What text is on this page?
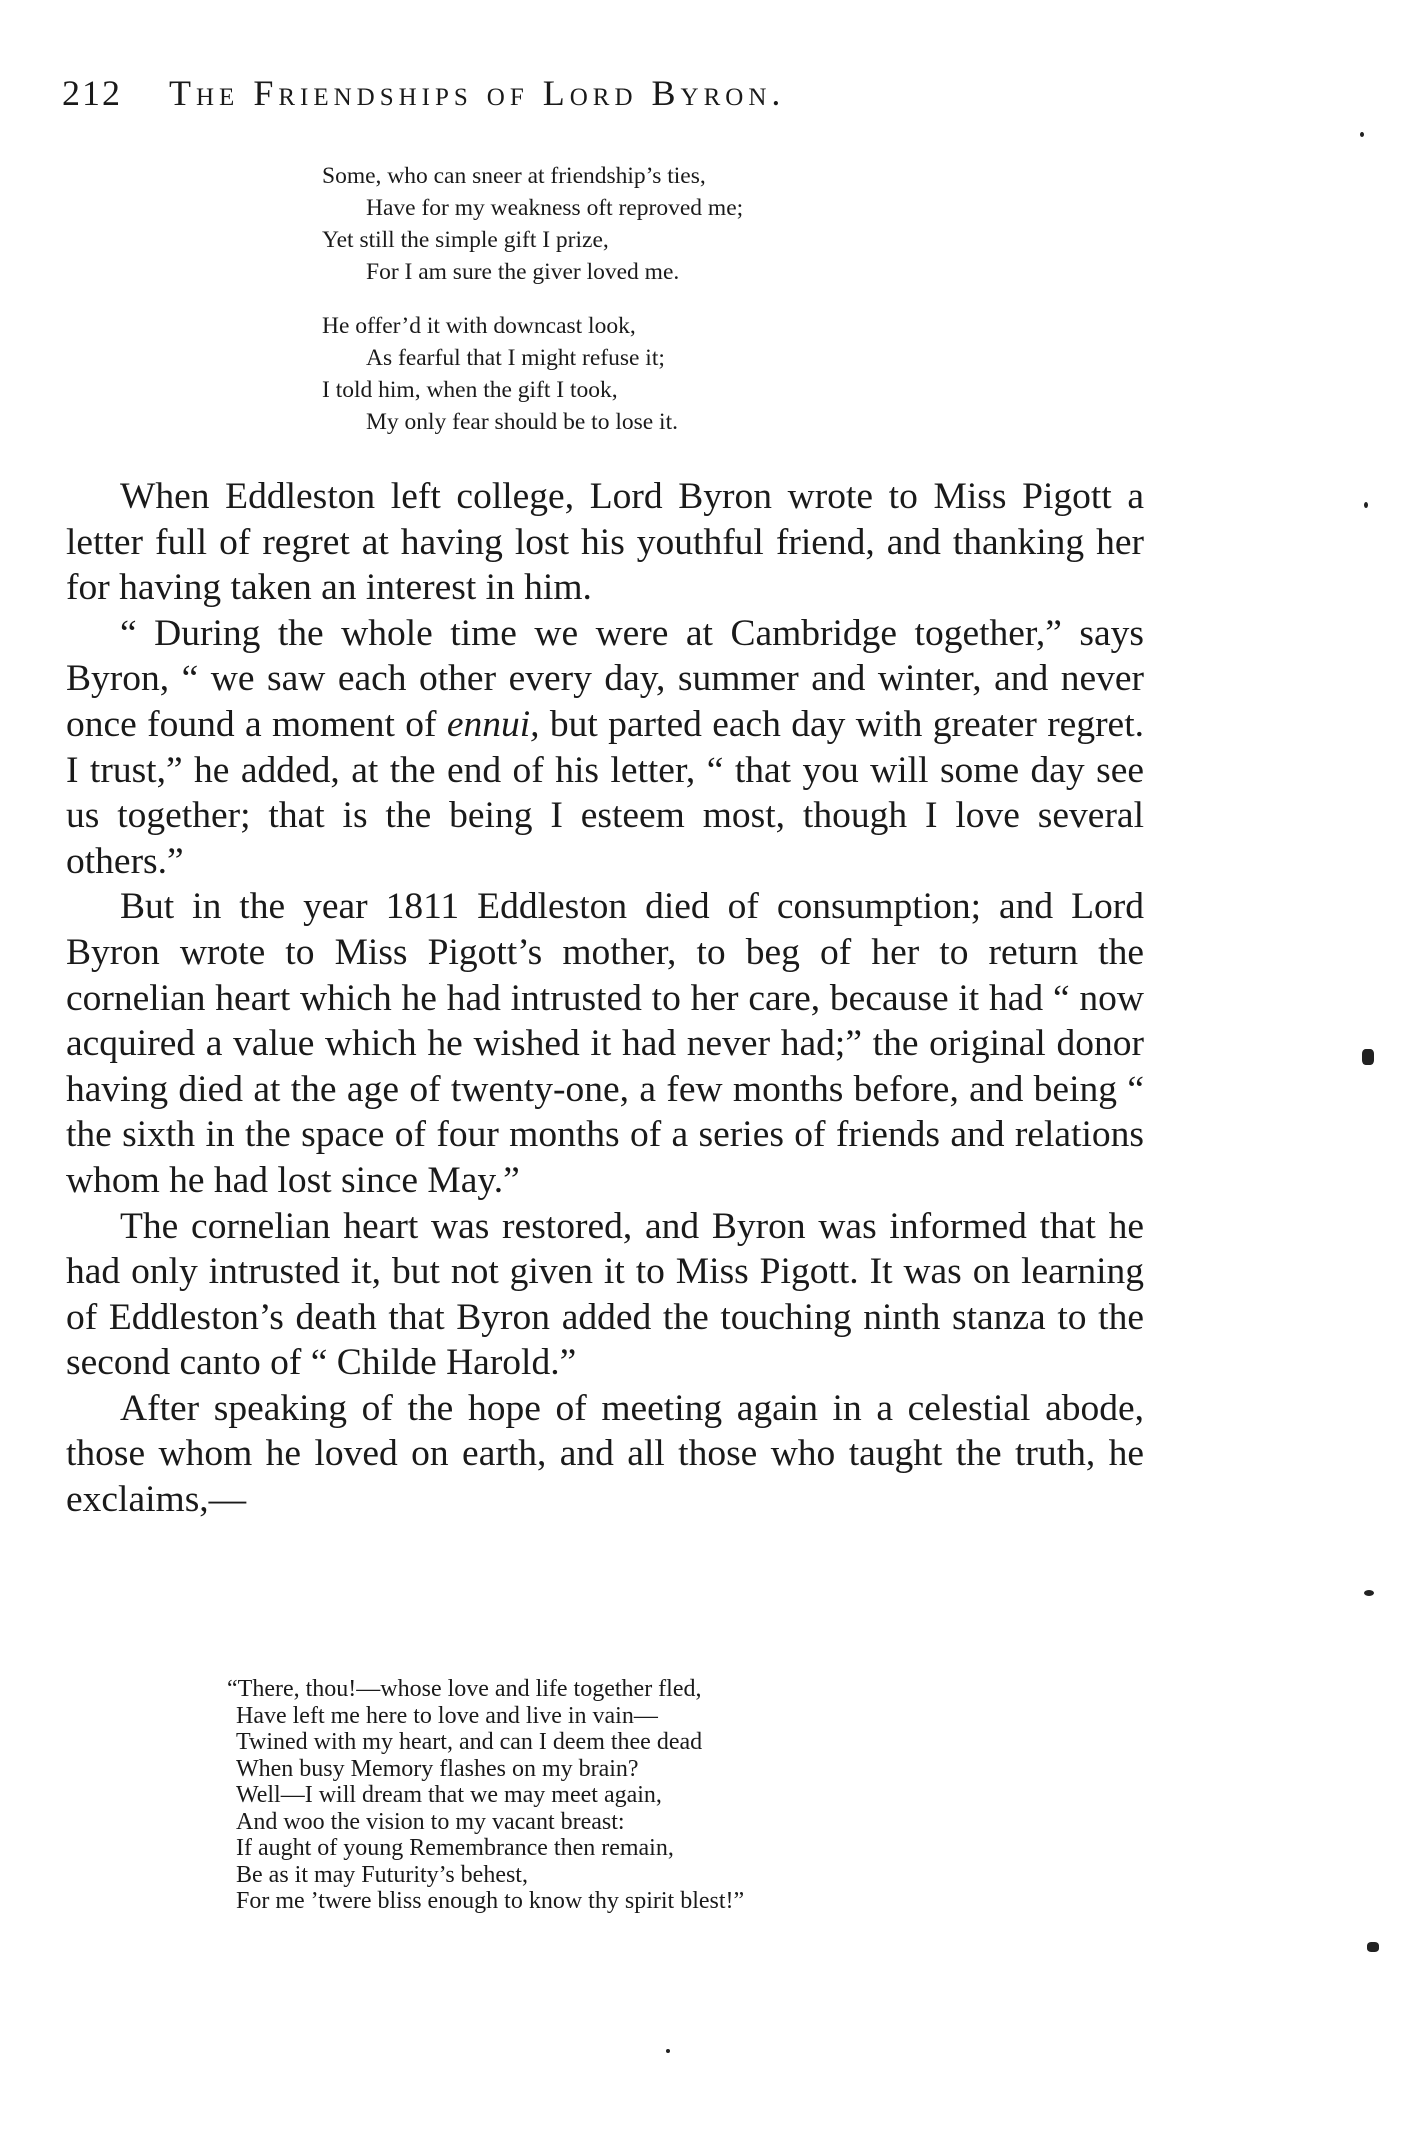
212 The Friendships of Lord Byron.
Some, who can sneer at friendship’s ties,
Have for my weakness oft reproved me;
Yet still the simple gift I prize,
For I am sure the giver loved me.
He offer’d it with downcast look,
As fearful that I might refuse it;
I told him, when the gift I took,
My only fear should be to lose it.

When Eddleston left college, Lord Byron wrote to Miss Pigott a letter full of regret at having lost his youthful friend, and thanking her for having taken an interest in him.

“ During the whole time we were at Cambridge together,” says Byron, “ we saw each other every day, summer and winter, and never once found a moment of ennui, but parted each day with greater regret. I trust,” he added, at the end of his letter, “ that you will some day see us together; that is the being I esteem most, though I love several others.”

But in the year 1811 Eddleston died of consumption; and Lord Byron wrote to Miss Pigott’s mother, to beg of her to return the cornelian heart which he had intrusted to her care, because it had “ now acquired a value which he wished it had never had;” the original donor having died at the age of twenty-one, a few months before, and being “ the sixth in the space of four months of a series of friends and relations whom he had lost since May.”

The cornelian heart was restored, and Byron was informed that he had only intrusted it, but not given it to Miss Pigott. It was on learning of Eddleston’s death that Byron added the touching ninth stanza to the second canto of “ Childe Harold.”

After speaking of the hope of meeting again in a celestial abode, those whom he loved on earth, and all those who taught the truth, he exclaims,—

“There, thou!—whose love and life together fled,
Have left me here to love and live in vain—
Twined with my heart, and can I deem thee dead
When busy Memory flashes on my brain?
Well—I will dream that we may meet again,
And woo the vision to my vacant breast:
If aught of young Remembrance then remain,
Be as it may Futurity’s behest,
For me ’twere bliss enough to know thy spirit blest!”
